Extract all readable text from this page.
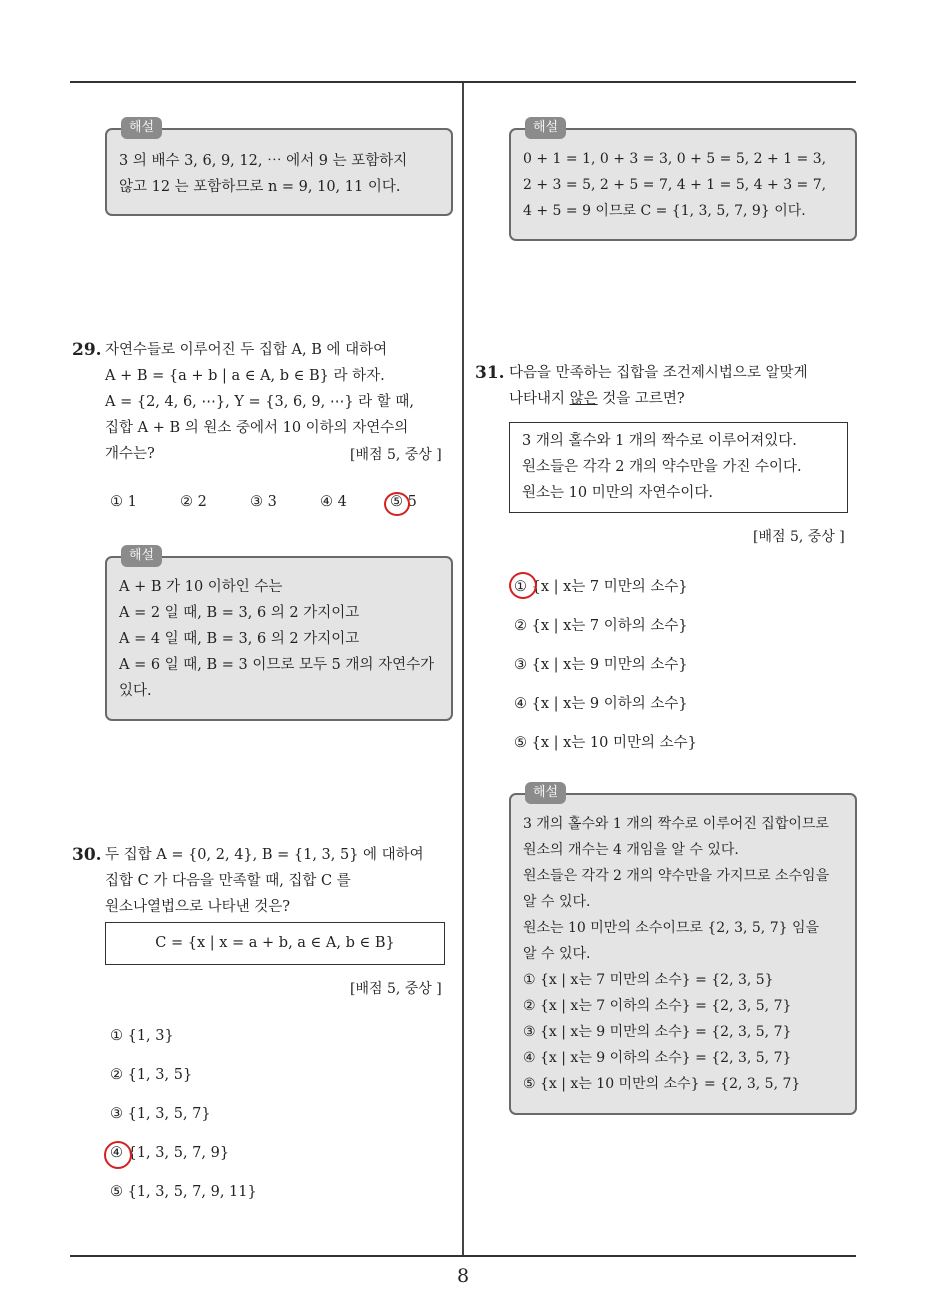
8
해설
3 의 배수 3, 6, 9, 12, ⋯ 에서 9 는 포함하지
않고 12 는 포함하므로 n = 9, 10, 11 이다.
29. 자연수들로 이루어진 두 집합 A, B 에 대하여
A + B = {a + b | a ∈ A, b ∈ B} 라 하자.
A = {2, 4, 6, ⋯}, Y = {3, 6, 9, ⋯} 라 할 때,
집합 A + B 의 원소 중에서 10 이하의 자연수의
개수는?	[배점 5, 중상 ]
① 1	② 2	③ 3	④ 4	⑤ 5
해설
A + B 가 10 이하인 수는
A = 2 일 때, B = 3, 6 의 2 가지이고
A = 4 일 때, B = 3, 6 의 2 가지이고
A = 6 일 때, B = 3 이므로 모두 5 개의 자연수가
있다.
30. 두 집합 A = {0, 2, 4}, B = {1, 3, 5} 에 대하여
집합 C 가 다음을 만족할 때, 집합 C 를
원소나열법으로 나타낸 것은?
C = {x | x = a + b, a ∈ A, b ∈ B}
[배점 5, 중상 ]
① {1, 3}
② {1, 3, 5}
③ {1, 3, 5, 7}
④ {1, 3, 5, 7, 9}
⑤ {1, 3, 5, 7, 9, 11}
해설
0 + 1 = 1, 0 + 3 = 3, 0 + 5 = 5, 2 + 1 = 3,
2 + 3 = 5, 2 + 5 = 7, 4 + 1 = 5, 4 + 3 = 7,
4 + 5 = 9 이므로 C = {1, 3, 5, 7, 9} 이다.
31. 다음을 만족하는 집합을 조건제시법으로 알맞게
나타내지 않은 것을 고르면?
3 개의 홀수와 1 개의 짝수로 이루어져있다.
원소들은 각각 2 개의 약수만을 가진 수이다.
원소는 10 미만의 자연수이다.
[배점 5, 중상 ]
① {x | x는 7 미만의 소수}
② {x | x는 7 이하의 소수}
③ {x | x는 9 미만의 소수}
④ {x | x는 9 이하의 소수}
⑤ {x | x는 10 미만의 소수}
해설
3 개의 홀수와 1 개의 짝수로 이루어진 집합이므로
원소의 개수는 4 개임을 알 수 있다.
원소들은 각각 2 개의 약수만을 가지므로 소수임을
알 수 있다.
원소는 10 미만의 소수이므로 {2, 3, 5, 7} 임을
알 수 있다.
① {x | x는 7 미만의 소수} = {2, 3, 5}
② {x | x는 7 이하의 소수} = {2, 3, 5, 7}
③ {x | x는 9 미만의 소수} = {2, 3, 5, 7}
④ {x | x는 9 이하의 소수} = {2, 3, 5, 7}
⑤ {x | x는 10 미만의 소수} = {2, 3, 5, 7}
